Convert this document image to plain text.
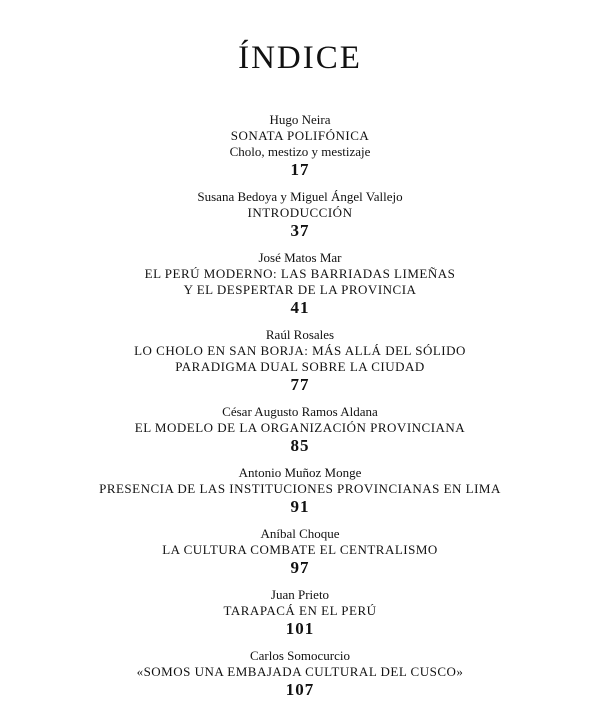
ÍNDICE
Hugo Neira
SONATA POLIFÓNICA
Cholo, mestizo y mestizaje
17
Susana Bedoya y Miguel Ángel Vallejo
INTRODUCCIÓN
37
José Matos Mar
EL PERÚ MODERNO: LAS BARRIADAS LIMEÑAS
Y EL DESPERTAR DE LA PROVINCIA
41
Raúl Rosales
LO CHOLO EN SAN BORJA: MÁS ALLÁ DEL SÓLIDO
PARADIGMA DUAL SOBRE LA CIUDAD
77
César Augusto Ramos Aldana
EL MODELO DE LA ORGANIZACIÓN PROVINCIANA
85
Antonio Muñoz Monge
PRESENCIA DE LAS INSTITUCIONES PROVINCIANAS EN LIMA
91
Aníbal Choque
LA CULTURA COMBATE EL CENTRALISMO
97
Juan Prieto
TARAPACÁ EN EL PERÚ
101
Carlos Somocurcio
«SOMOS UNA EMBAJADA CULTURAL DEL CUSCO»
107
